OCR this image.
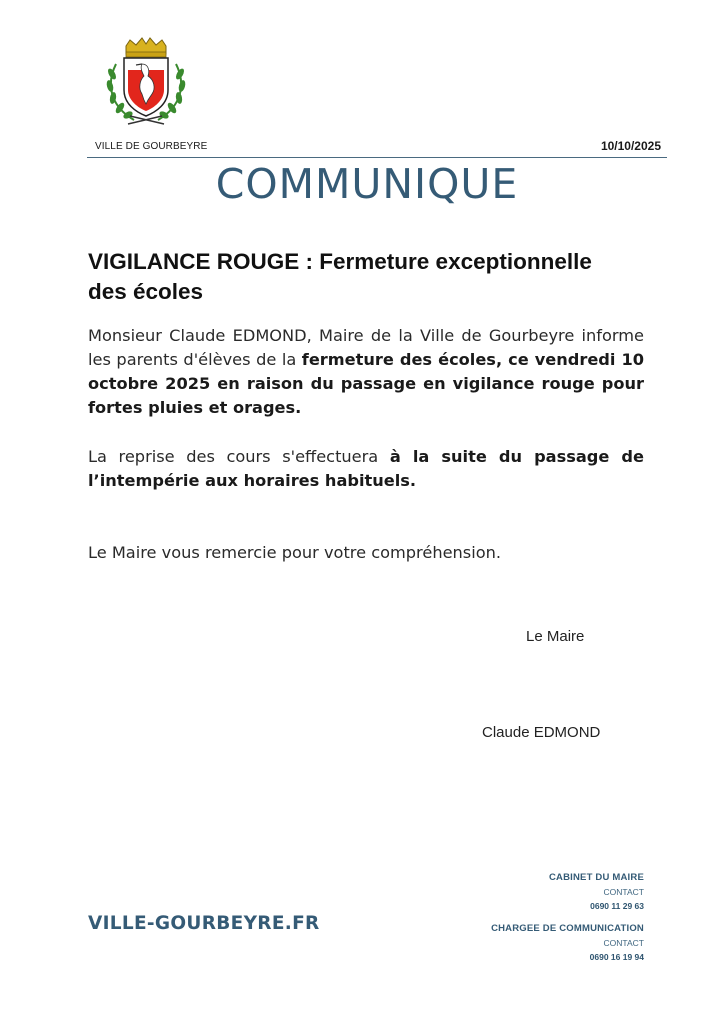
VILLE DE GOURBEYRE	10/10/2025
COMMUNIQUE
VIGILANCE ROUGE : Fermeture exceptionnelle
des écoles
Monsieur Claude EDMOND, Maire de la Ville de Gourbeyre informe les parents d'élèves de la fermeture des écoles, ce vendredi 10 octobre 2025 en raison du passage en vigilance rouge pour fortes pluies et orages.
La reprise des cours s'effectuera à la suite du passage de l’intempérie aux horaires habituels.
Le Maire vous remercie pour votre compréhension.
Le Maire
Claude EDMOND
VILLE-GOURBEYRE.FR
CABINET DU MAIRE
CONTACT
0690 11 29 63
CHARGEE DE COMMUNICATION
CONTACT
0690 16 19 94
